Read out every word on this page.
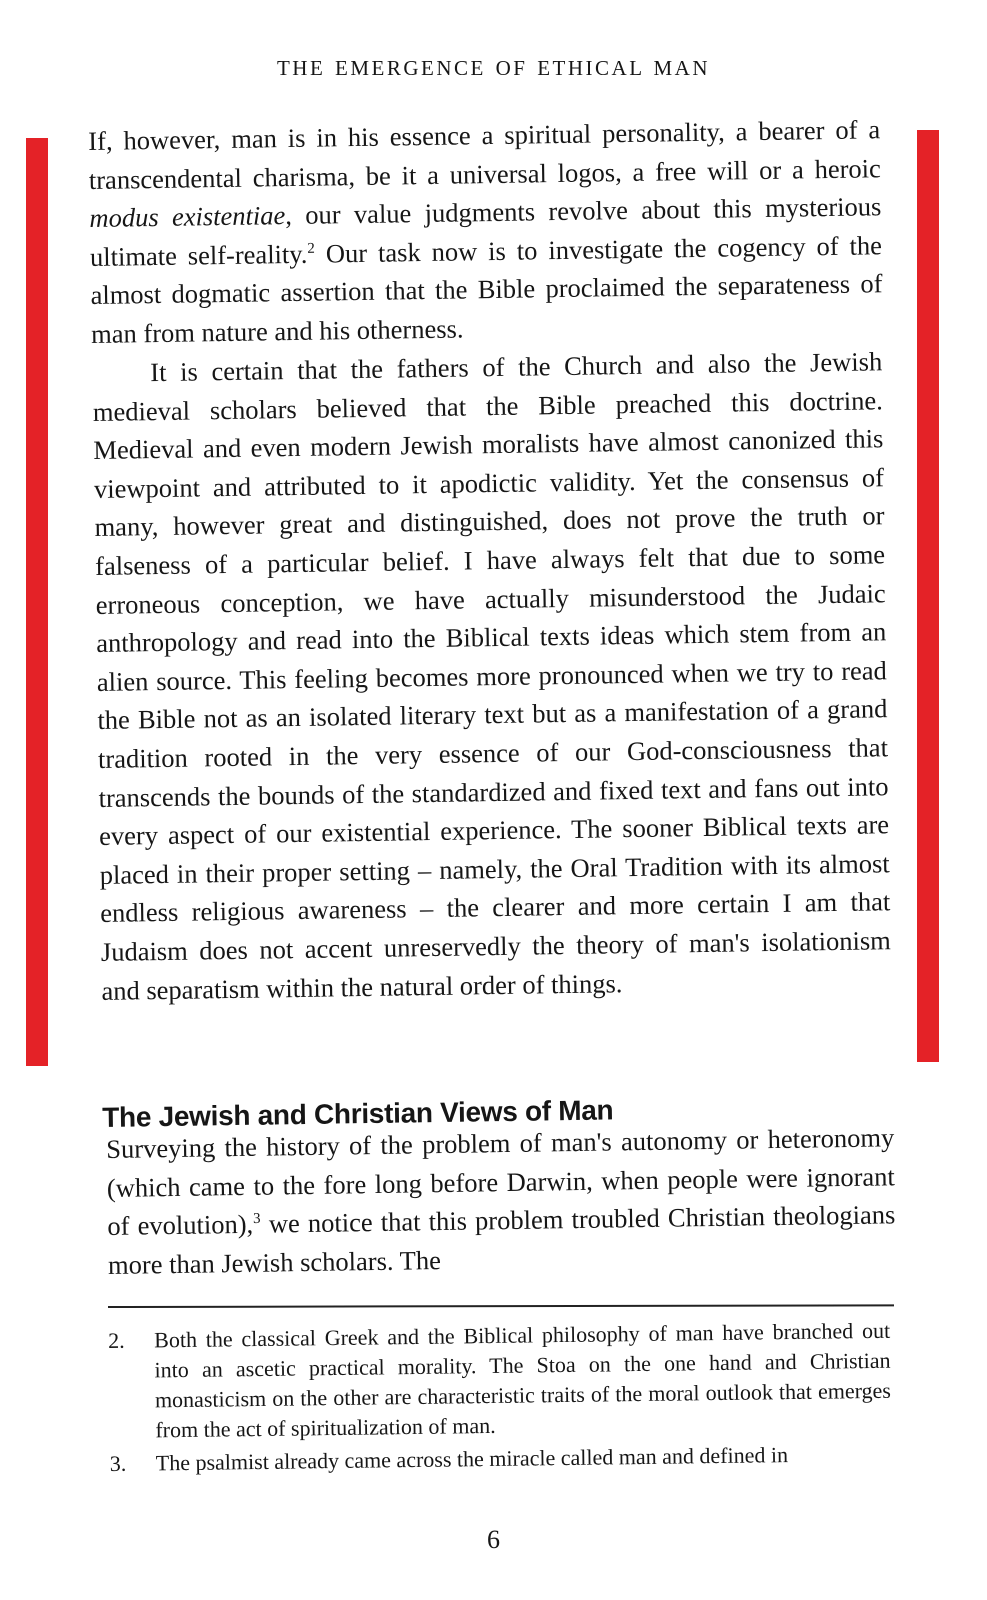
THE EMERGENCE OF ETHICAL MAN

If, however, man is in his essence a spiritual personality, a bearer of a transcendental charisma, be it a universal logos, a free will or a heroic modus existentiae, our value judgments revolve about this mysterious ultimate self-reality.$^2$ Our task now is to investigate the cogency of the almost dogmatic assertion that the Bible proclaimed the separateness of man from nature and his otherness.

It is certain that the fathers of the Church and also the Jewish medieval scholars believed that the Bible preached this doctrine. Medieval and even modern Jewish moralists have almost canonized this viewpoint and attributed to it apodictic validity. Yet the consensus of many, however great and distinguished, does not prove the truth or falseness of a particular belief. I have always felt that due to some erroneous conception, we have actually misunderstood the Judaic anthropology and read into the Biblical texts ideas which stem from an alien source. This feeling becomes more pronounced when we try to read the Bible not as an isolated literary text but as a manifestation of a grand tradition rooted in the very essence of our God-consciousness that transcends the bounds of the standardized and fixed text and fans out into every aspect of our existential experience. The sooner Biblical texts are placed in their proper setting – namely, the Oral Tradition with its almost endless religious awareness – the clearer and more certain I am that Judaism does not accent unreservedly the theory of man's isolationism and separatism within the natural order of things.

The Jewish and Christian Views of Man

Surveying the history of the problem of man's autonomy or heteronomy (which came to the fore long before Darwin, when people were ignorant of evolution),$^3$ we notice that this problem troubled Christian theologians more than Jewish scholars. The

2. Both the classical Greek and the Biblical philosophy of man have branched out into an ascetic practical morality. The Stoa on the one hand and Christian monasticism on the other are characteristic traits of the moral outlook that emerges from the act of spiritualization of man.
3. The psalmist already came across the miracle called man and defined in
6
